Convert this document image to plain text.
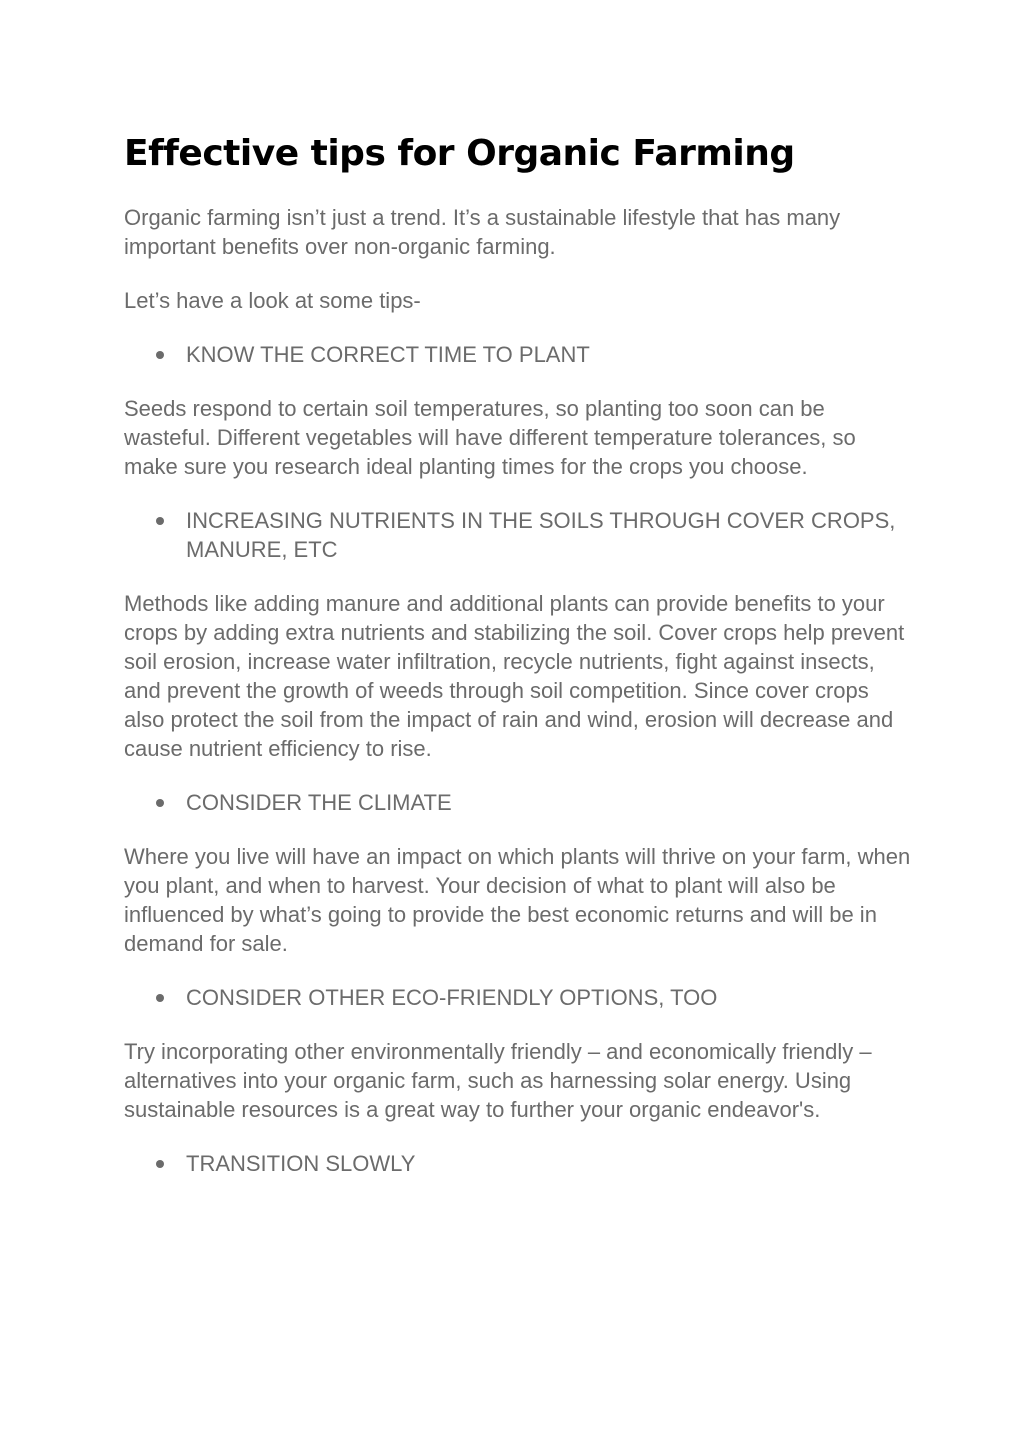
Effective tips for Organic Farming

Organic farming isn’t just a trend. It’s a sustainable lifestyle that has many important benefits over non-organic farming.

Let’s have a look at some tips-

KNOW THE CORRECT TIME TO PLANT

Seeds respond to certain soil temperatures, so planting too soon can be wasteful. Different vegetables will have different temperature tolerances, so make sure you research ideal planting times for the crops you choose.

INCREASING NUTRIENTS IN THE SOILS THROUGH COVER CROPS, MANURE, ETC

Methods like adding manure and additional plants can provide benefits to your crops by adding extra nutrients and stabilizing the soil. Cover crops help prevent soil erosion, increase water infiltration, recycle nutrients, fight against insects, and prevent the growth of weeds through soil competition. Since cover crops also protect the soil from the impact of rain and wind, erosion will decrease and cause nutrient efficiency to rise.

CONSIDER THE CLIMATE

Where you live will have an impact on which plants will thrive on your farm, when you plant, and when to harvest. Your decision of what to plant will also be influenced by what’s going to provide the best economic returns and will be in demand for sale.

CONSIDER OTHER ECO-FRIENDLY OPTIONS, TOO

Try incorporating other environmentally friendly – and economically friendly – alternatives into your organic farm, such as harnessing solar energy. Using sustainable resources is a great way to further your organic endeavor's.

TRANSITION SLOWLY
